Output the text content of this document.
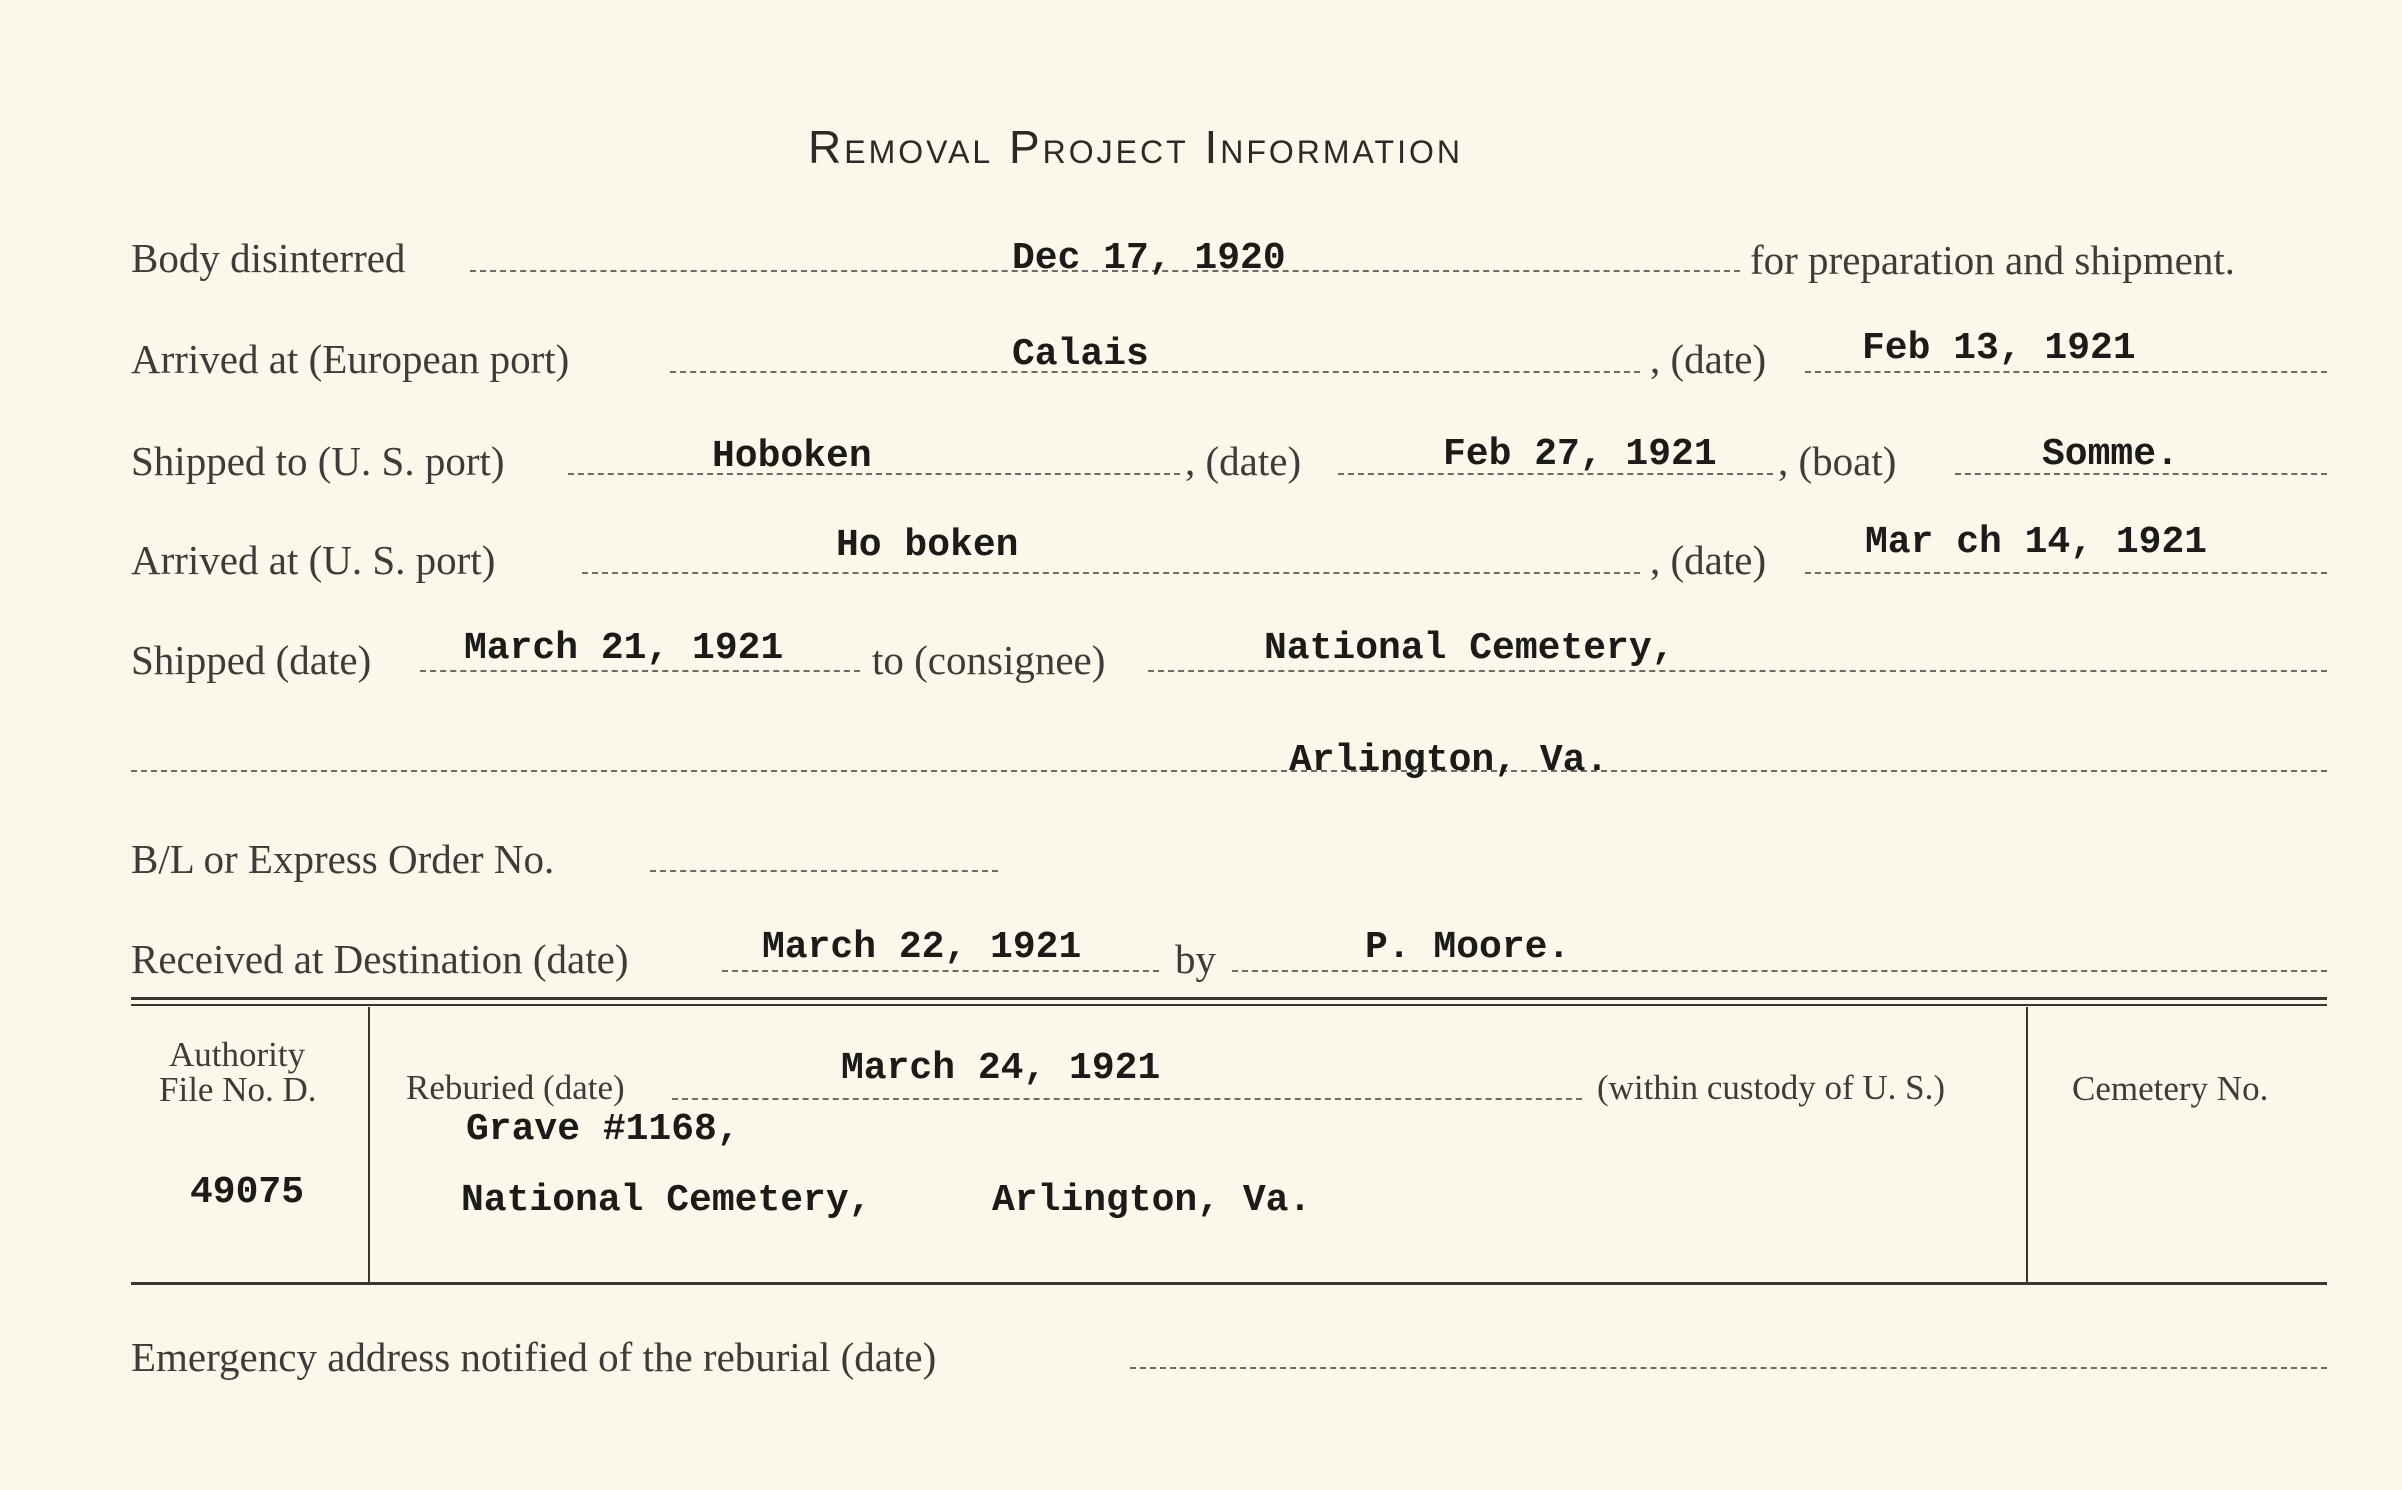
Removal Project Information
Body disinterred	Dec 17, 1920	for preparation and shipment.
Arrived at (European port)	Calais	, (date)	Feb 13, 1921
Shipped to (U. S. port)	Hoboken	, (date)	Feb 27, 1921 , (boat)	Somme.
Arrived at (U. S. port)	Ho boken	, (date)	Mar ch 14, 1921
Shipped (date) March 21, 1921 to (consignee)	National Cemetery,
Arlington, Va.
B/L or Express Order No.
Received at Destination (date)	March 22, 1921 by	P. Moore.
Authority
File No. D.
49075
Reburied (date)	March 24, 1921	(within custody of U. S.)
Grave #1168,
National Cemetery,	Arlington, Va.
Cemetery No.
Emergency address notified of the reburial (date)
